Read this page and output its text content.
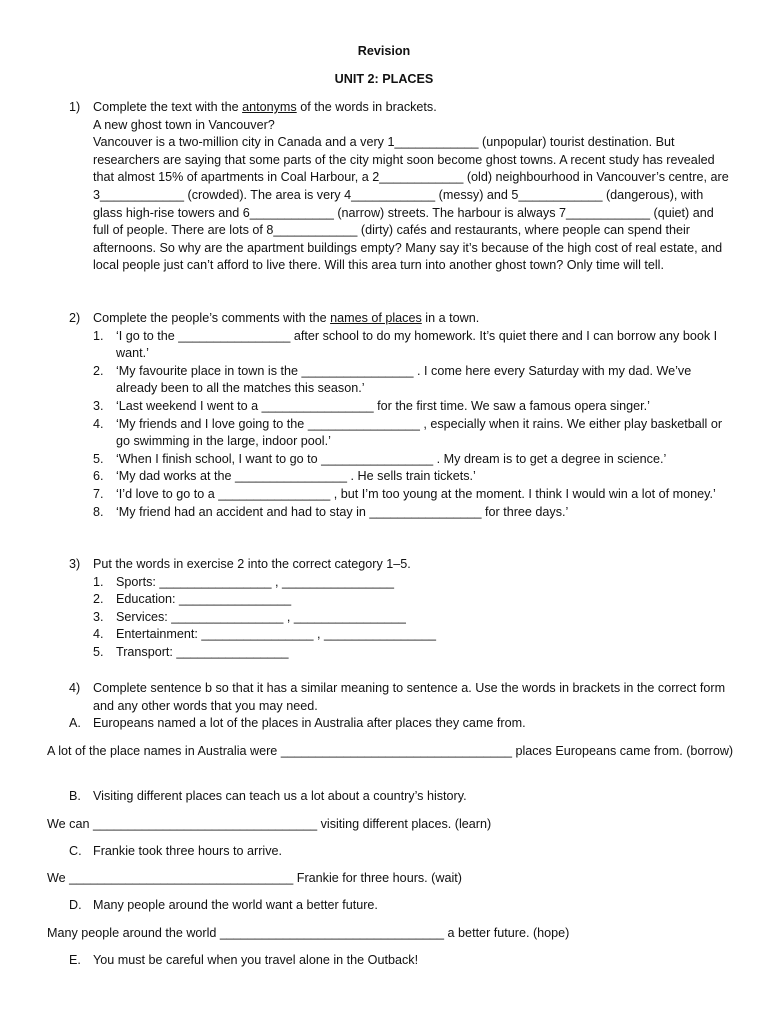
Revision
UNIT 2: PLACES
1) Complete the text with the antonyms of the words in brackets.
A new ghost town in Vancouver?
Vancouver is a two-million city in Canada and a very 1____________ (unpopular) tourist destination. But researchers are saying that some parts of the city might soon become ghost towns. A recent study has revealed that almost 15% of apartments in Coal Harbour, a 2____________ (old) neighbourhood in Vancouver’s centre, are 3____________ (crowded). The area is very 4____________ (messy) and 5____________ (dangerous), with glass high-rise towers and 6____________ (narrow) streets. The harbour is always 7____________ (quiet) and full of people. There are lots of 8____________ (dirty) cafés and restaurants, where people can spend their afternoons. So why are the apartment buildings empty? Many say it’s because of the high cost of real estate, and local people just can’t afford to live there. Will this area turn into another ghost town? Only time will tell.
2) Complete the people’s comments with the names of places in a town.
1. ‘I go to the ________________ after school to do my homework. It’s quiet there and I can borrow any book I want.’
2. ‘My favourite place in town is the ________________ . I come here every Saturday with my dad. We’ve already been to all the matches this season.’
3. ‘Last weekend I went to a ________________ for the first time. We saw a famous opera singer.’
4. ‘My friends and I love going to the ________________ , especially when it rains. We either play basketball or go swimming in the large, indoor pool.’
5. ‘When I finish school, I want to go to ________________ . My dream is to get a degree in science.’
6. ‘My dad works at the ________________ . He sells train tickets.’
7. ‘I’d love to go to a ________________ , but I’m too young at the moment. I think I would win a lot of money.’
8. ‘My friend had an accident and had to stay in ________________ for three days.’
3) Put the words in exercise 2 into the correct category 1–5.
1. Sports: ________________ , ________________
2. Education: ________________
3. Services: ________________ , ________________
4. Entertainment: ________________ , ________________
5. Transport: ________________
4) Complete sentence b so that it has a similar meaning to sentence a. Use the words in brackets in the correct form and any other words that you may need.
A. Europeans named a lot of the places in Australia after places they came from.
A lot of the place names in Australia were _________________________________ places Europeans came from. (borrow)
B. Visiting different places can teach us a lot about a country’s history.
We can ________________________________ visiting different places. (learn)
C. Frankie took three hours to arrive.
We ________________________________ Frankie for three hours. (wait)
D. Many people around the world want a better future.
Many people around the world ________________________________ a better future. (hope)
E. You must be careful when you travel alone in the Outback!
